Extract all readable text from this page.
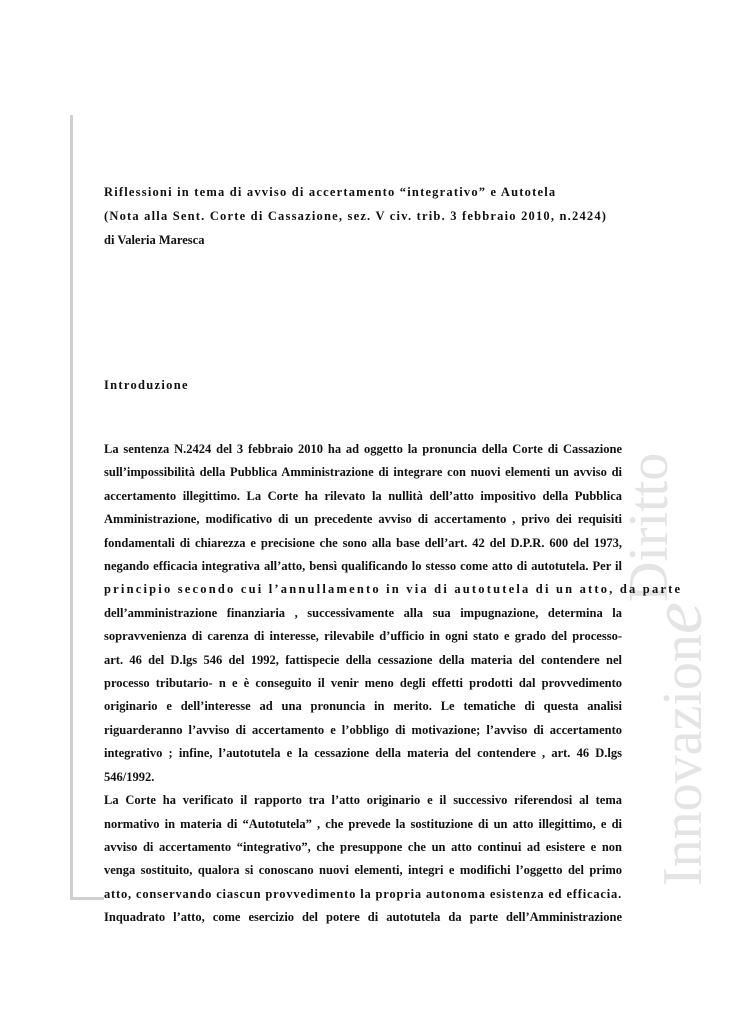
InnovazioneDiritto
Riflessioni in tema di avviso di accertamento “integrativo” e Autotela
(Nota alla Sent. Corte di Cassazione, sez. V civ. trib. 3 febbraio 2010, n.2424)
di Valeria Maresca
Introduzione
La sentenza N.2424 del 3 febbraio 2010 ha ad oggetto la pronuncia della Corte di Cassazione
sull’impossibilità della Pubblica Amministrazione di integrare con nuovi elementi un avviso di
accertamento illegittimo. La Corte ha rilevato la nullità dell’atto impositivo della Pubblica
Amministrazione, modificativo di un precedente avviso di accertamento , privo dei requisiti
fondamentali di chiarezza e precisione che sono alla base dell’art. 42 del D.P.R. 600 del 1973,
negando efficacia integrativa all’atto, bensì qualificando lo stesso come atto di autotutela. Per il
principio secondo cui l’annullamento in via di autotutela di un atto, da parte
dell’amministrazione finanziaria , successivamente alla sua impugnazione, determina la
sopravvenienza di carenza di interesse, rilevabile d’ufficio in ogni stato e grado del processo-
art. 46 del D.lgs 546 del 1992, fattispecie della cessazione della materia del contendere nel
processo tributario- n e è conseguito il venir meno degli effetti prodotti dal provvedimento
originario e dell’interesse ad una pronuncia in merito. Le tematiche di questa analisi
riguarderanno l’avviso di accertamento e l’obbligo di motivazione; l’avviso di accertamento
integrativo ; infine, l’autotutela e la cessazione della materia del contendere , art. 46 D.lgs
546/1992.
La Corte ha verificato il rapporto tra l’atto originario e il successivo riferendosi al tema
normativo in materia di “Autotutela” , che prevede la sostituzione di un atto illegittimo, e di
avviso di accertamento “integrativo”, che presuppone che un atto continui ad esistere e non
venga sostituito, qualora si conoscano nuovi elementi, integri e modifichi l’oggetto del primo
atto, conservando ciascun provvedimento la propria autonoma esistenza ed efficacia.
Inquadrato l’atto, come esercizio del potere di autotutela da parte dell’Amministrazione
